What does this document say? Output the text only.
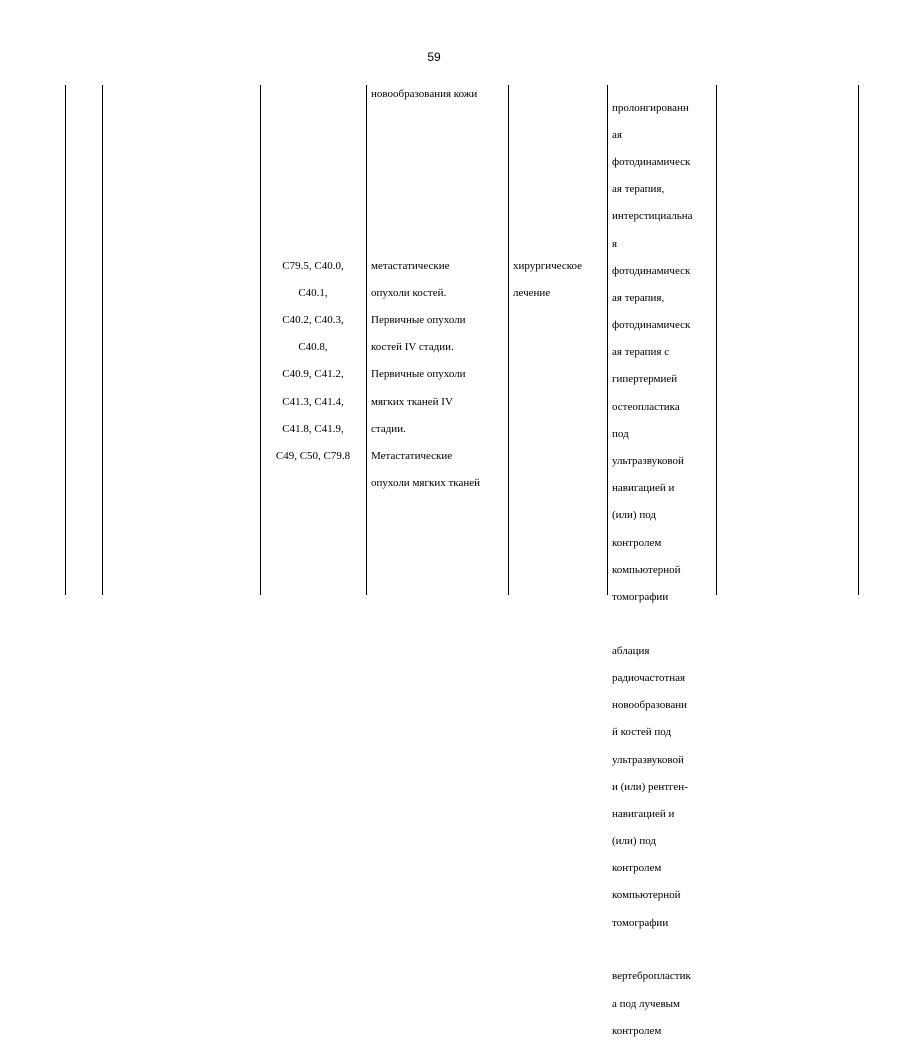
59
новообразования кожи

C79.5, C40.0,

C40.1,

C40.2, C40.3,

C40.8,

C40.9, C41.2,

C41.3, C41.4,

C41.8, C41.9,

C49, C50, C79.8

метастатические

опухоли костей.

Первичные опухоли

костей IV стадии.

Первичные опухоли

мягких тканей IV

стадии.

Метастатические

опухоли мягких тканей

хирургическое

лечение

пролонгированн

ая

фотодинамическ

ая терапия,

интерстициальна

я

фотодинамическ

ая терапия,

фотодинамическ

ая терапия с

гипертермией

остеопластика

под

ультразвуковой

навигацией и

(или) под

контролем

компьютерной

томографии

аблация

радиочастотная

новообразовани

й костей под

ультразвуковой

и (или) рентген-

навигацией и

(или) под

контролем

компьютерной

томографии

вертебропластик

а под лучевым

контролем
